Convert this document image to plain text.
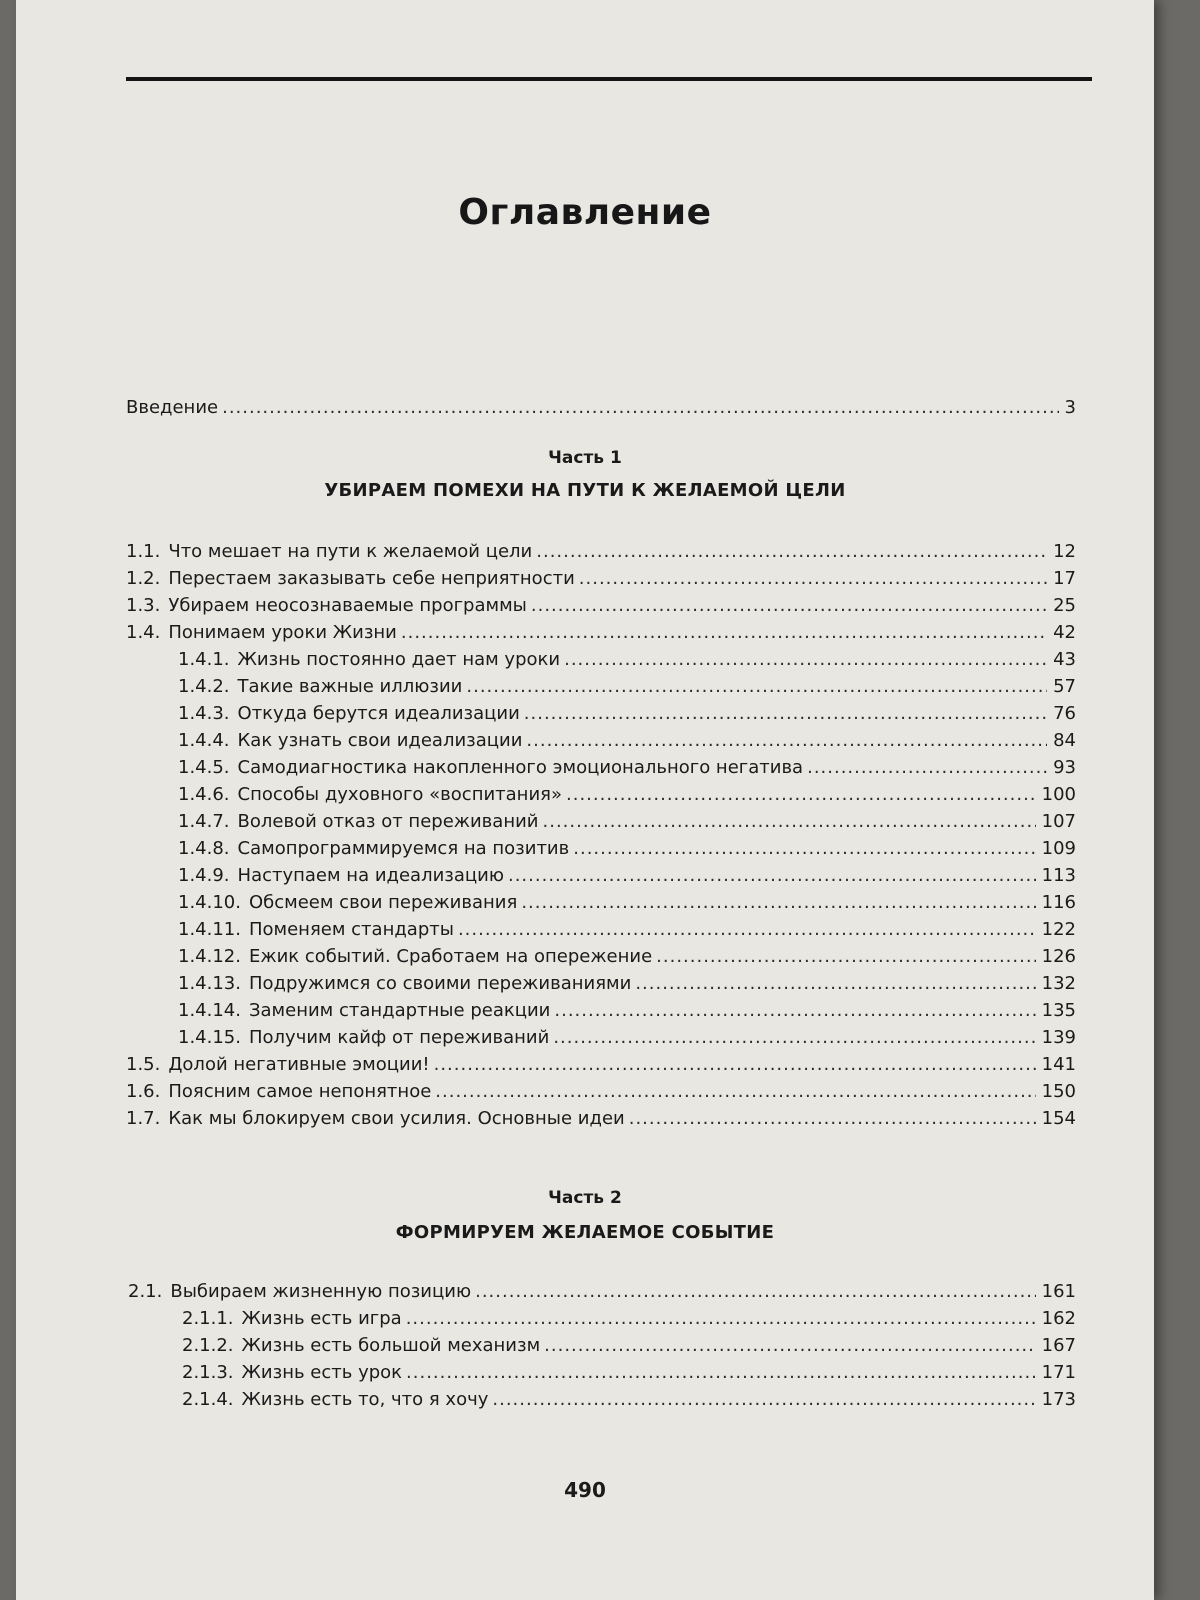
Оглавление
Введение .....	3
Часть 1
УБИРАЕМ ПОМЕХИ НА ПУТИ К ЖЕЛАЕМОЙ ЦЕЛИ
1.1. Что мешает на пути к желаемой цели .....	12
1.2. Перестаем заказывать себе неприятности .....	17
1.3. Убираем неосознаваемые программы .....	25
1.4. Понимаем уроки Жизни .....	42
1.4.1. Жизнь постоянно дает нам уроки .....	43
1.4.2. Такие важные иллюзии .....	57
1.4.3. Откуда берутся идеализации .....	76
1.4.4. Как узнать свои идеализации .....	84
1.4.5. Самодиагностика накопленного эмоционального негатива .....	93
1.4.6. Способы духовного «воспитания» .....	100
1.4.7. Волевой отказ от переживаний .....	107
1.4.8. Самопрограммируемся на позитив .....	109
1.4.9. Наступаем на идеализацию .....	113
1.4.10. Обсмеем свои переживания .....	116
1.4.11. Поменяем стандарты .....	122
1.4.12. Ежик событий. Сработаем на опережение .....	126
1.4.13. Подружимся со своими переживаниями .....	132
1.4.14. Заменим стандартные реакции .....	135
1.4.15. Получим кайф от переживаний .....	139
1.5. Долой негативные эмоции! .....	141
1.6. Поясним самое непонятное .....	150
1.7. Как мы блокируем свои усилия. Основные идеи .....	154
Часть 2
ФОРМИРУЕМ ЖЕЛАЕМОЕ СОБЫТИЕ
2.1. Выбираем жизненную позицию .....	161
2.1.1. Жизнь есть игра .....	162
2.1.2. Жизнь есть большой механизм .....	167
2.1.3. Жизнь есть урок .....	171
2.1.4. Жизнь есть то, что я хочу .....	173
490
